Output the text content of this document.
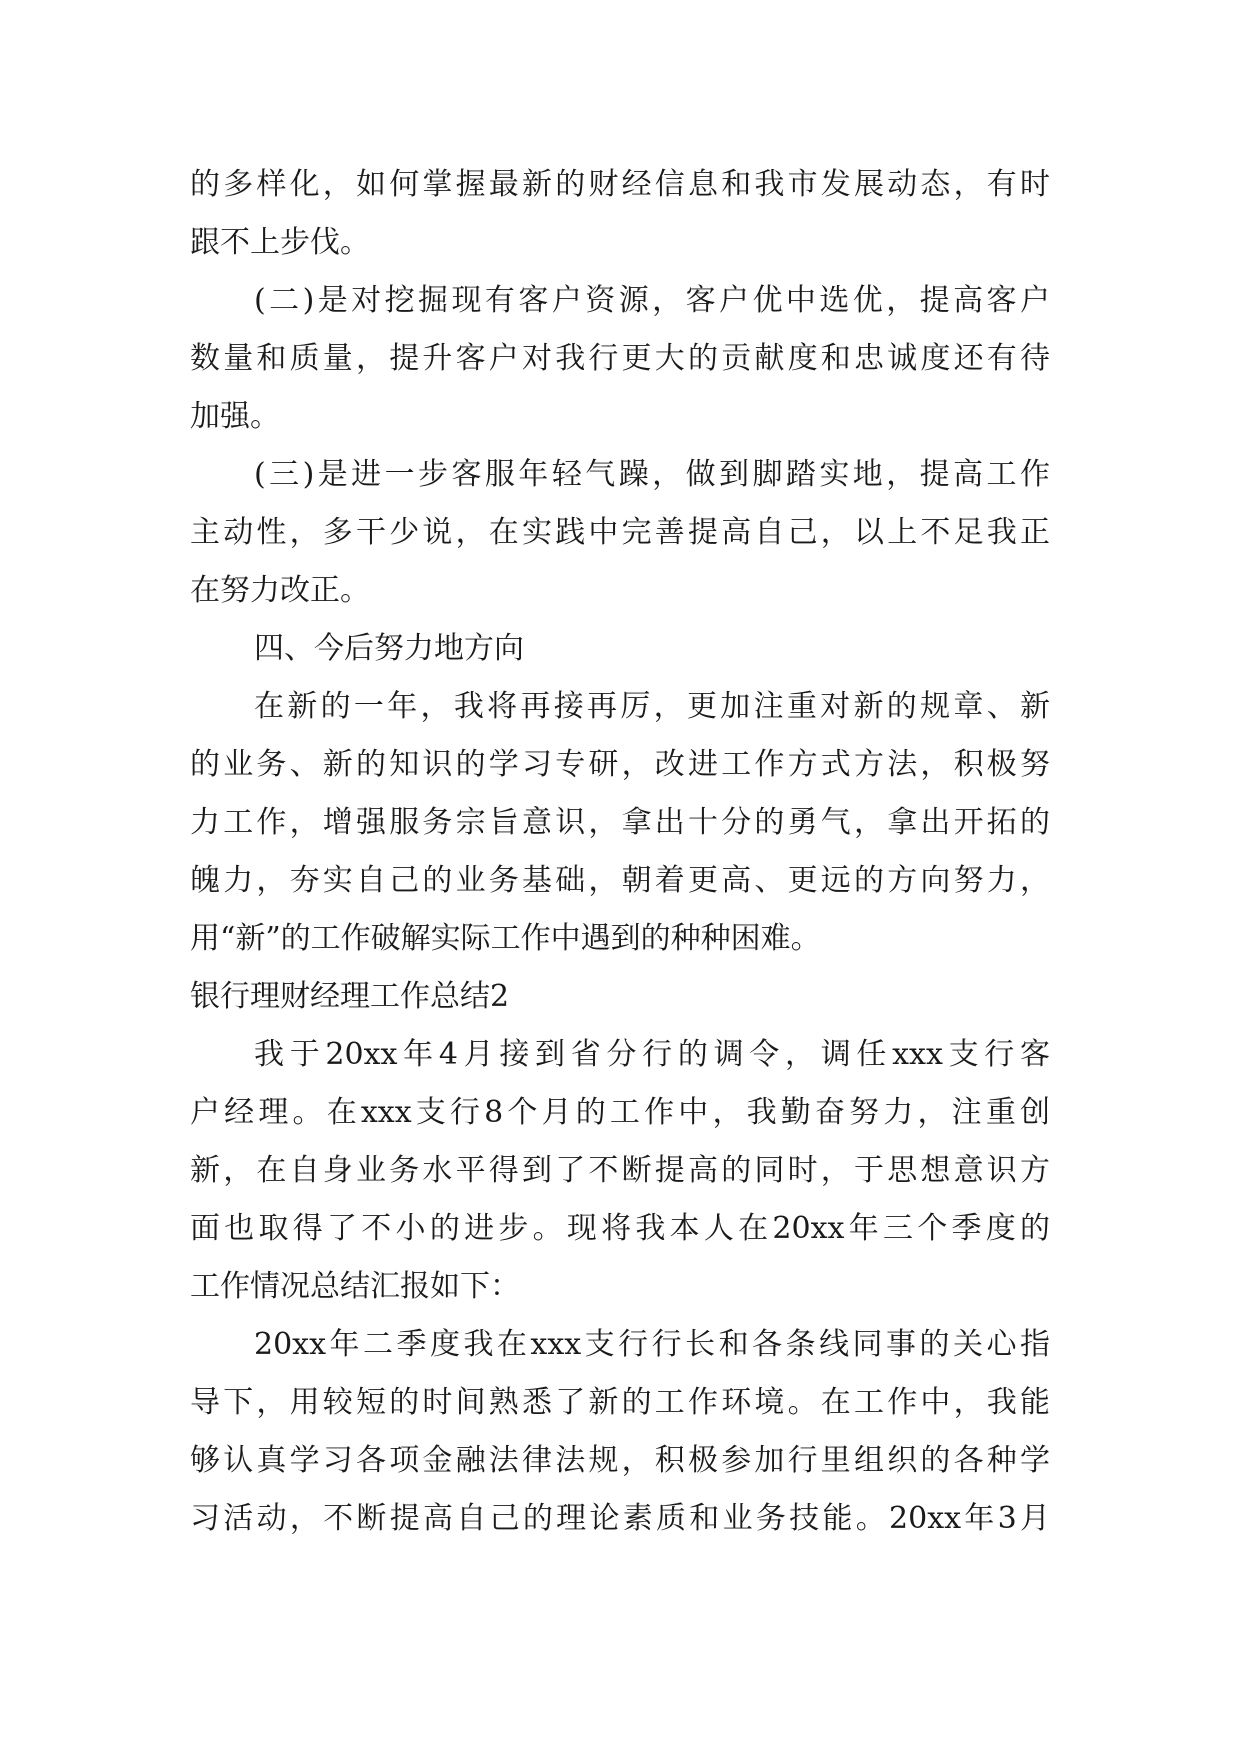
的多样化，如何掌握最新的财经信息和我市发展动态，有时
跟不上步伐。
(二)是对挖掘现有客户资源，客户优中选优，提高客户
数量和质量，提升客户对我行更大的贡献度和忠诚度还有待
加强。
(三)是进一步客服年轻气躁，做到脚踏实地，提高工作
主动性，多干少说，在实践中完善提高自己，以上不足我正
在努力改正。
四、今后努力地方向
在新的一年，我将再接再厉，更加注重对新的规章、新
的业务、新的知识的学习专研，改进工作方式方法，积极努
力工作，增强服务宗旨意识，拿出十分的勇气，拿出开拓的
魄力，夯实自己的业务基础，朝着更高、更远的方向努力，
用“新”的工作破解实际工作中遇到的种种困难。
银行理财经理工作总结2
我于20xx年4月接到省分行的调令，调任xxx支行客
户经理。在xxx支行8个月的工作中，我勤奋努力，注重创
新，在自身业务水平得到了不断提高的同时，于思想意识方
面也取得了不小的进步。现将我本人在20xx年三个季度的
工作情况总结汇报如下：
20xx年二季度我在xxx支行行长和各条线同事的关心指
导下，用较短的时间熟悉了新的工作环境。在工作中，我能
够认真学习各项金融法律法规，积极参加行里组织的各种学
习活动，不断提高自己的理论素质和业务技能。20xx年3月
